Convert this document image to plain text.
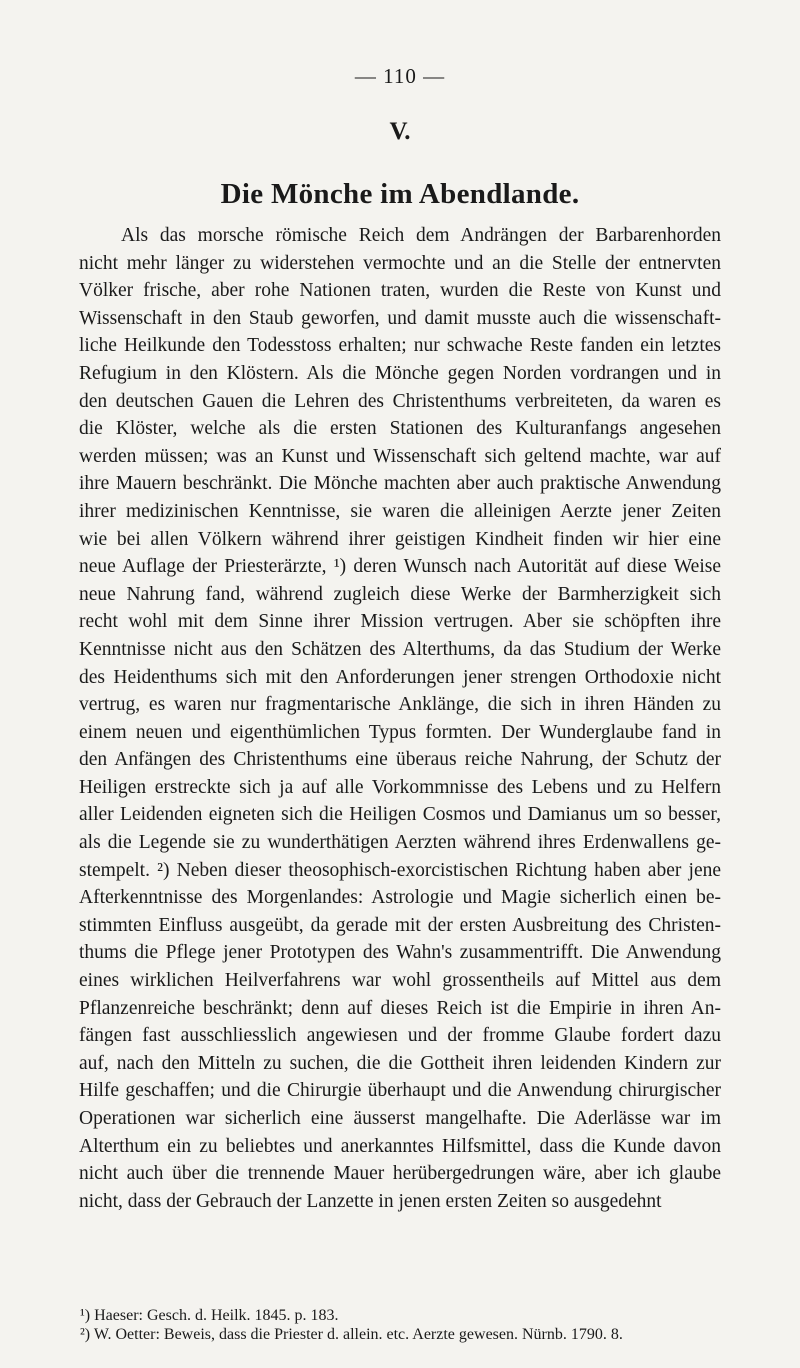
— 110 —
V.
Die Mönche im Abendlande.
Als das morsche römische Reich dem Andrängen der Barbarenhorden
nicht mehr länger zu widerstehen vermochte und an die Stelle der entnervten
Völker frische, aber rohe Nationen traten, wurden die Reste von Kunst und
Wissenschaft in den Staub geworfen, und damit musste auch die wissenschaft-
liche Heilkunde den Todesstoss erhalten; nur schwache Reste fanden ein letztes
Refugium in den Klöstern. Als die Mönche gegen Norden vordrangen und in
den deutschen Gauen die Lehren des Christenthums verbreiteten, da waren es
die Klöster, welche als die ersten Stationen des Kulturanfangs angesehen
werden müssen; was an Kunst und Wissenschaft sich geltend machte, war auf
ihre Mauern beschränkt. Die Mönche machten aber auch praktische Anwendung
ihrer medizinischen Kenntnisse, sie waren die alleinigen Aerzte jener Zeiten
wie bei allen Völkern während ihrer geistigen Kindheit finden wir hier eine
neue Auflage der Priesterärzte, ¹) deren Wunsch nach Autorität auf diese Weise
neue Nahrung fand, während zugleich diese Werke der Barmherzigkeit sich
recht wohl mit dem Sinne ihrer Mission vertrugen. Aber sie schöpften ihre
Kenntnisse nicht aus den Schätzen des Alterthums, da das Studium der Werke
des Heidenthums sich mit den Anforderungen jener strengen Orthodoxie nicht
vertrug, es waren nur fragmentarische Anklänge, die sich in ihren Händen zu
einem neuen und eigenthümlichen Typus formten. Der Wunderglaube fand in
den Anfängen des Christenthums eine überaus reiche Nahrung, der Schutz der
Heiligen erstreckte sich ja auf alle Vorkommnisse des Lebens und zu Helfern
aller Leidenden eigneten sich die Heiligen Cosmos und Damianus um so besser,
als die Legende sie zu wunderthätigen Aerzten während ihres Erdenwallens ge-
stempelt. ²) Neben dieser theosophisch-exorcistischen Richtung haben aber jene
Afterkenntnisse des Morgenlandes: Astrologie und Magie sicherlich einen be-
stimmten Einfluss ausgeübt, da gerade mit der ersten Ausbreitung des Christen-
thums die Pflege jener Prototypen des Wahn's zusammentrifft. Die Anwendung
eines wirklichen Heilverfahrens war wohl grossentheils auf Mittel aus dem
Pflanzenreiche beschränkt; denn auf dieses Reich ist die Empirie in ihren An-
fängen fast ausschliesslich angewiesen und der fromme Glaube fordert dazu
auf, nach den Mitteln zu suchen, die die Gottheit ihren leidenden Kindern zur
Hilfe geschaffen; und die Chirurgie überhaupt und die Anwendung chirurgischer
Operationen war sicherlich eine äusserst mangelhafte. Die Aderlässe war im
Alterthum ein zu beliebtes und anerkanntes Hilfsmittel, dass die Kunde davon
nicht auch über die trennende Mauer herübergedrungen wäre, aber ich glaube
nicht, dass der Gebrauch der Lanzette in jenen ersten Zeiten so ausgedehnt
¹) Haeser: Gesch. d. Heilk. 1845. p. 183.
²) W. Oetter: Beweis, dass die Priester d. allein. etc. Aerzte gewesen. Nürnb. 1790. 8.
